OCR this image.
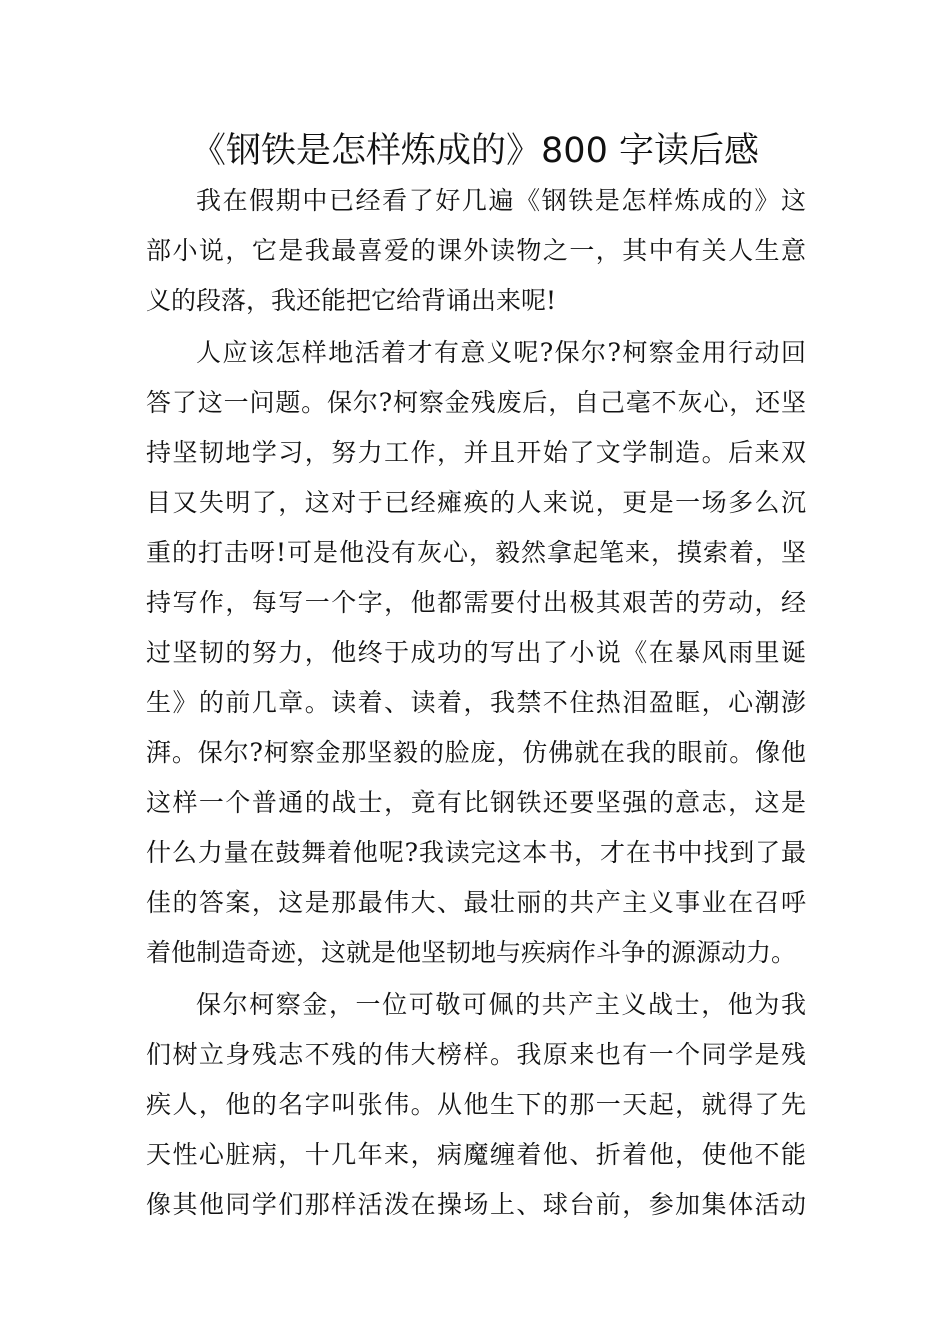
《钢铁是怎样炼成的》800 字读后感
我在假期中已经看了好几遍《钢铁是怎样炼成的》这
部小说，它是我最喜爱的课外读物之一，其中有关人生意
义的段落，我还能把它给背诵出来呢!
人应该怎样地活着才有意义呢?保尔?柯察金用行动回
答了这一问题。保尔?柯察金残废后，自己毫不灰心，还坚
持坚韧地学习，努力工作，并且开始了文学制造。后来双
目又失明了，这对于已经瘫痪的人来说，更是一场多么沉
重的打击呀!可是他没有灰心，毅然拿起笔来，摸索着，坚
持写作，每写一个字，他都需要付出极其艰苦的劳动，经
过坚韧的努力，他终于成功的写出了小说《在暴风雨里诞
生》的前几章。读着、读着，我禁不住热泪盈眶，心潮澎
湃。保尔?柯察金那坚毅的脸庞，仿佛就在我的眼前。像他
这样一个普通的战士，竟有比钢铁还要坚强的意志，这是
什么力量在鼓舞着他呢?我读完这本书，才在书中找到了最
佳的答案，这是那最伟大、最壮丽的共产主义事业在召呼
着他制造奇迹，这就是他坚韧地与疾病作斗争的源源动力。
保尔柯察金，一位可敬可佩的共产主义战士，他为我
们树立身残志不残的伟大榜样。我原来也有一个同学是残
疾人，他的名字叫张伟。从他生下的那一天起，就得了先
天性心脏病，十几年来，病魔缠着他、折着他，使他不能
像其他同学们那样活泼在操场上、球台前，参加集体活动
